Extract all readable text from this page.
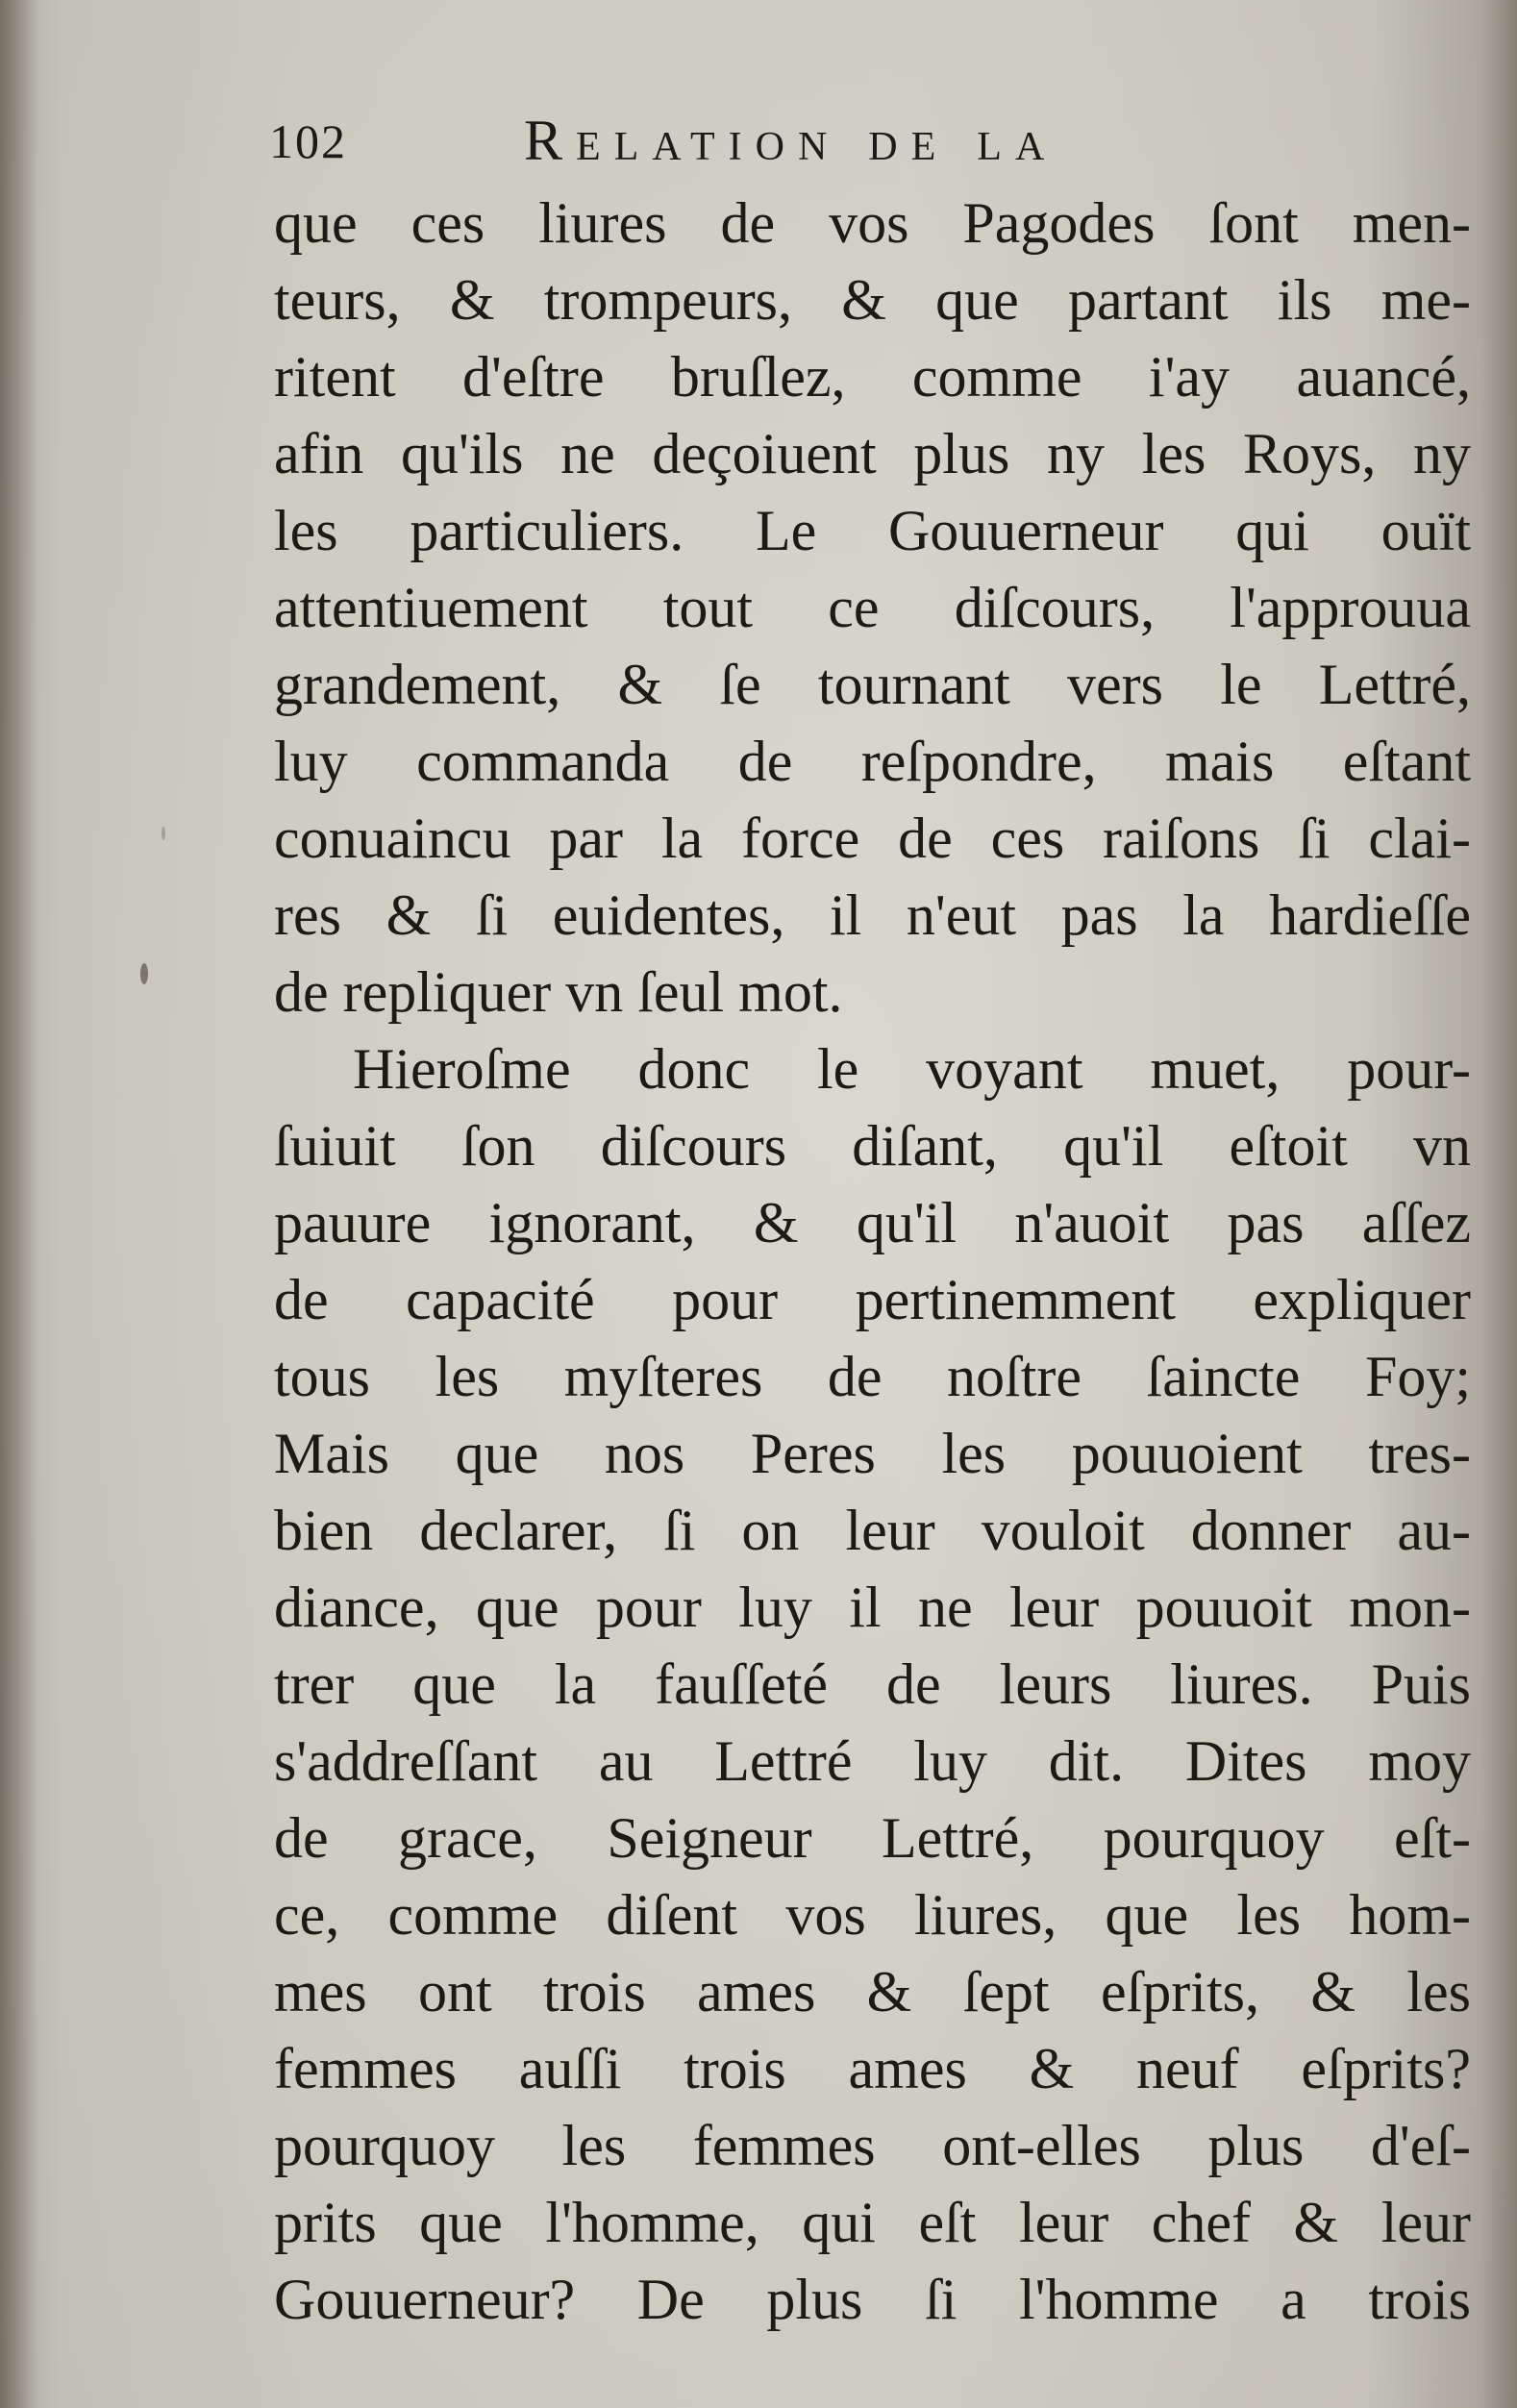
102	Relation de la
que ces liures de vos Pagodes ſont men-
teurs, & trompeurs, & que partant ils me-
ritent d'eſtre bruſlez, comme i'ay auancé,
afin qu'ils ne deçoiuent plus ny les Roys, ny
les particuliers. Le Gouuerneur qui ouït
attentiuement tout ce diſcours, l'approuua
grandement, & ſe tournant vers le Lettré,
luy commanda de reſpondre, mais eſtant
conuaincu par la force de ces raiſons ſi clai-
res & ſi euidentes, il n'eut pas la hardieſſe
de repliquer vn ſeul mot.
Hieroſme donc le voyant muet, pour-
ſuiuit ſon diſcours diſant, qu'il eſtoit vn
pauure ignorant, & qu'il n'auoit pas aſſez
de capacité pour pertinemment expliquer
tous les myſteres de noſtre ſaincte Foy;
Mais que nos Peres les pouuoient tres-
bien declarer, ſi on leur vouloit donner au-
diance, que pour luy il ne leur pouuoit mon-
trer que la fauſſeté de leurs liures. Puis
s'addreſſant au Lettré luy dit. Dites moy
de grace, Seigneur Lettré, pourquoy eſt-
ce, comme diſent vos liures, que les hom-
mes ont trois ames & ſept eſprits, & les
femmes auſſi trois ames & neuf eſprits?
pourquoy les femmes ont-elles plus d'eſ-
prits que l'homme, qui eſt leur chef & leur
Gouuerneur? De plus ſi l'homme a trois
